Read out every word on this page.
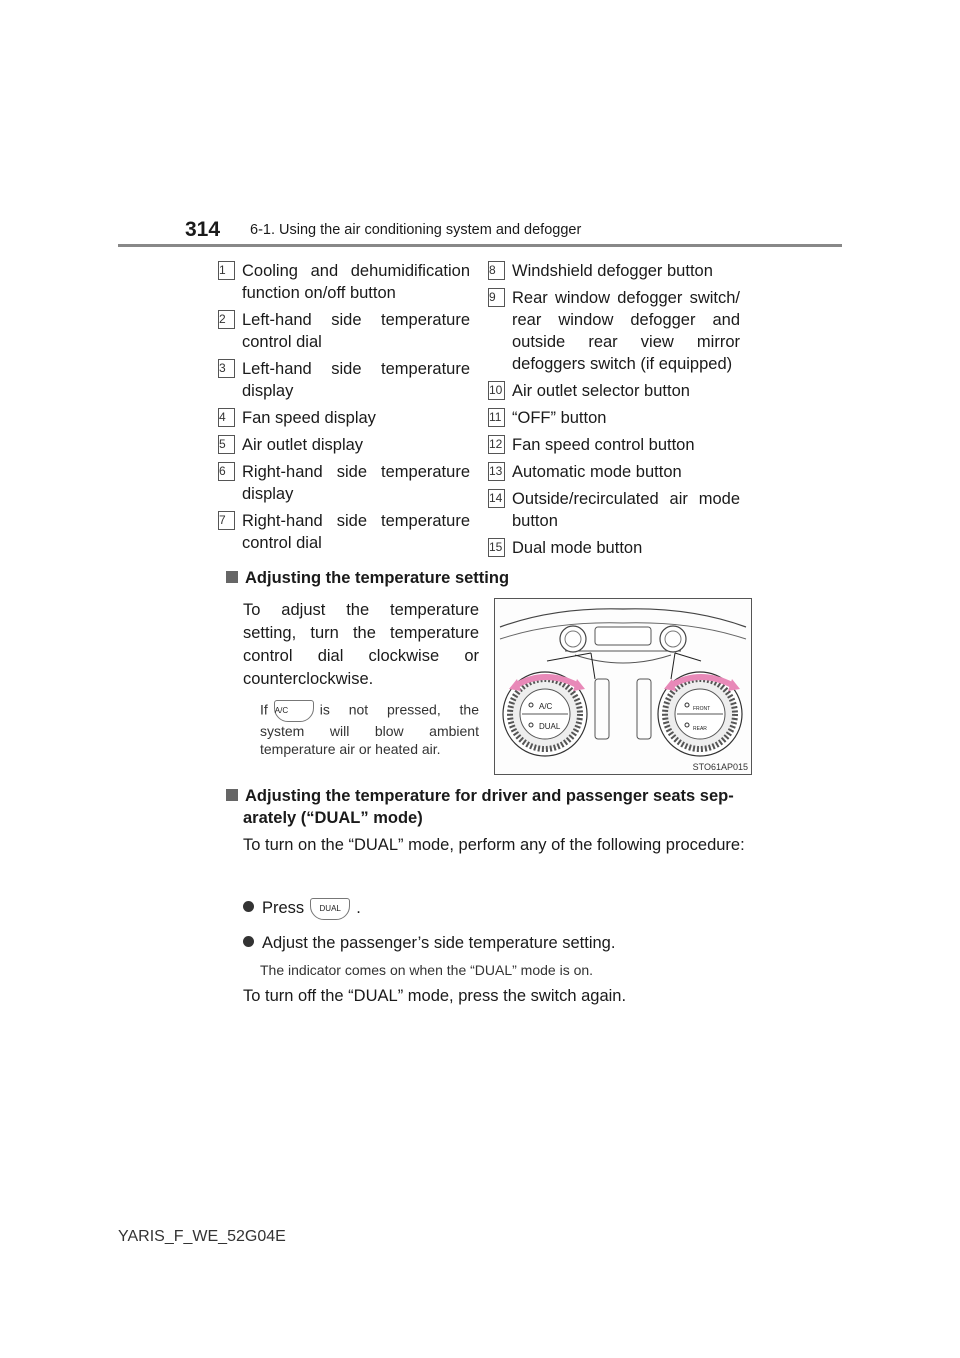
314 6-1. Using the air conditioning system and defogger
1 Cooling and dehumidification function on/off button
2 Left-hand side temperature control dial
3 Left-hand side temperature display
4 Fan speed display
5 Air outlet display
6 Right-hand side temperature display
7 Right-hand side temperature control dial
8 Windshield defogger button
9 Rear window defogger switch/ rear window defogger and outside rear view mirror defoggers switch (if equipped)
10 Air outlet selector button
11 “OFF” button
12 Fan speed control button
13 Automatic mode button
14 Outside/recirculated air mode button
15 Dual mode button
Adjusting the temperature setting
To adjust the temperature setting, turn the temperature control dial clockwise or counterclockwise.
If A/C is not pressed, the system will blow ambient temperature air or heated air.
A/C
DUAL
FRONT
REAR
STO61AP015
Adjusting the temperature for driver and passenger seats sep-
arately (“DUAL” mode)
To turn on the “DUAL” mode, perform any of the following procedure:
Press DUAL .
Adjust the passenger’s side temperature setting.
The indicator comes on when the “DUAL” mode is on.
To turn off the “DUAL” mode, press the switch again.
YARIS_F_WE_52G04E
